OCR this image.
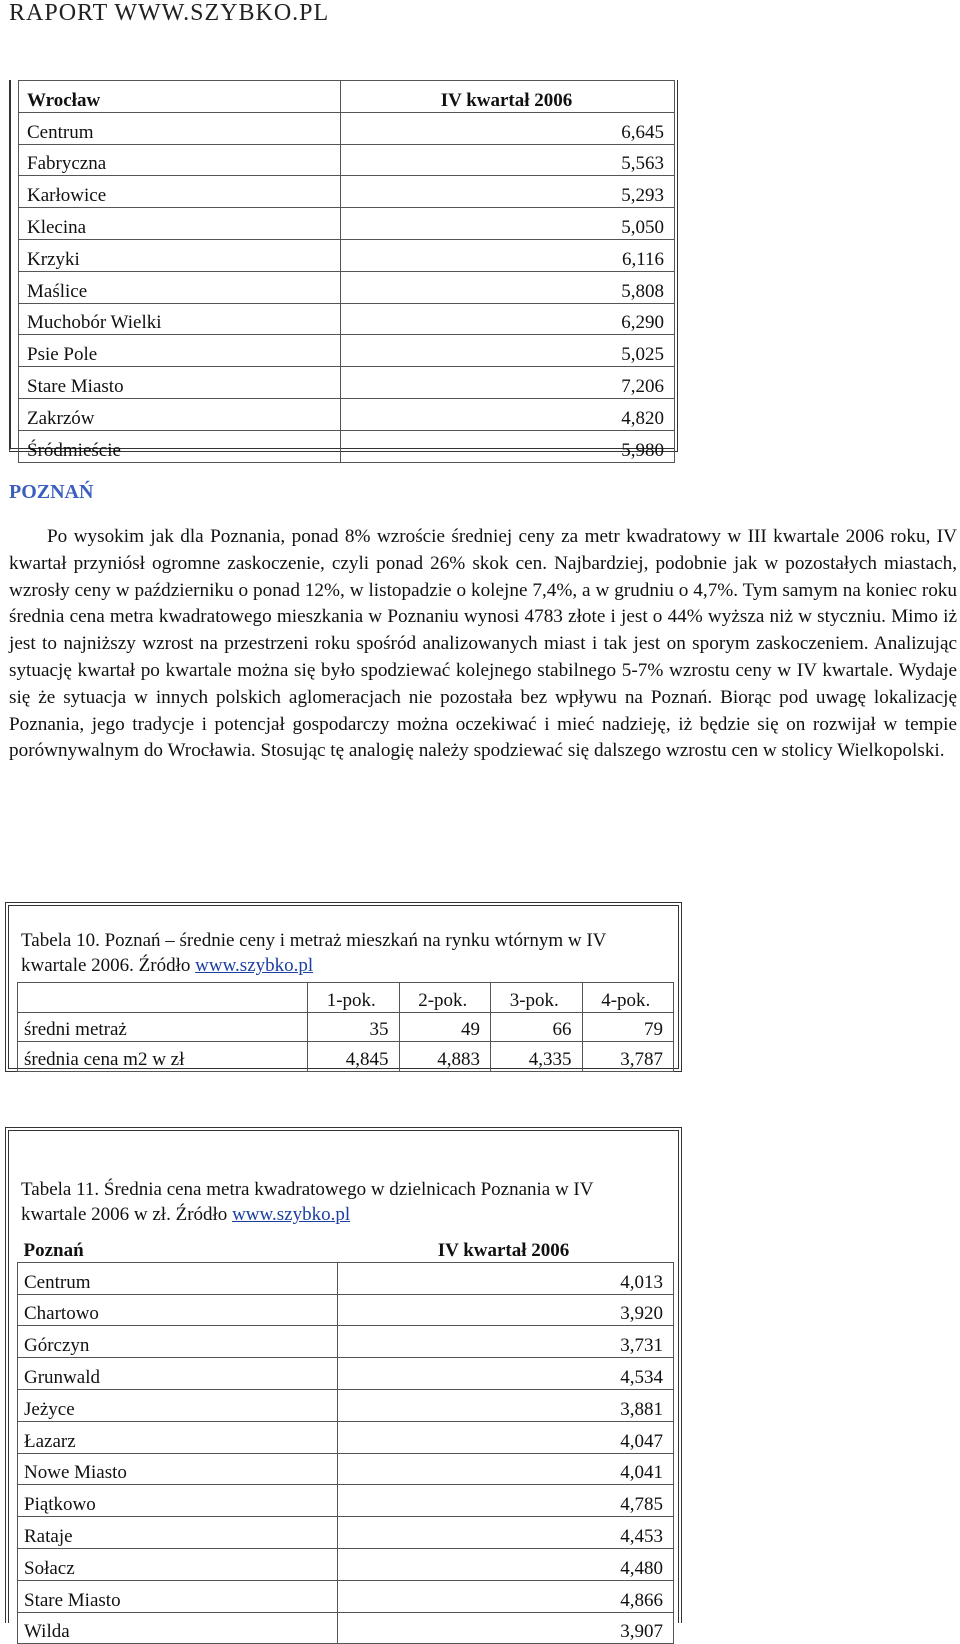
RAPORT WWW.SZYBKO.PL
Wrocław	IV kwartał 2006
Centrum	6,645
Fabryczna	5,563
Karłowice	5,293
Klecina	5,050
Krzyki	6,116
Maślice	5,808
Muchobór Wielki	6,290
Psie Pole	5,025
Stare Miasto	7,206
Zakrzów	4,820
Śródmieście	5,980
POZNAŃ
Po wysokim jak dla Poznania, ponad 8% wzroście średniej ceny za metr kwadratowy w III kwartale 2006 roku, IV kwartał przyniósł ogromne zaskoczenie, czyli ponad 26% skok cen. Najbardziej, podobnie jak w pozostałych miastach, wzrosły ceny w październiku o ponad 12%, w listopadzie o kolejne 7,4%, a w grudniu o 4,7%. Tym samym na koniec roku średnia cena metra kwadratowego mieszkania w Poznaniu wynosi 4783 złote i jest o 44% wyższa niż w styczniu. Mimo iż jest to najniższy wzrost na przestrzeni roku spośród analizowanych miast i tak jest on sporym zaskoczeniem. Analizując sytuację kwartał po kwartale można się było spodziewać kolejnego stabilnego 5-7% wzrostu ceny w IV kwartale. Wydaje się że sytuacja w innych polskich aglomeracjach nie pozostała bez wpływu na Poznań. Biorąc pod uwagę lokalizację Poznania, jego tradycje i potencjał gospodarczy można oczekiwać i mieć nadzieję, iż będzie się on rozwijał w tempie porównywalnym do Wrocławia. Stosując tę analogię należy spodziewać się dalszego wzrostu cen w stolicy Wielkopolski.
Tabela 10. Poznań – średnie ceny i metraż mieszkań na rynku wtórnym w IV kwartale 2006. Źródło www.szybko.pl
	1-pok.	2-pok.	3-pok.	4-pok.
średni metraż	35	49	66	79
średnia cena m2 w zł	4,845	4,883	4,335	3,787
Tabela 11. Średnia cena metra kwadratowego w dzielnicach Poznania w IV kwartale 2006 w zł. Źródło www.szybko.pl
Poznań	IV kwartał 2006
Centrum	4,013
Chartowo	3,920
Górczyn	3,731
Grunwald	4,534
Jeżyce	3,881
Łazarz	4,047
Nowe Miasto	4,041
Piątkowo	4,785
Rataje	4,453
Sołacz	4,480
Stare Miasto	4,866
Wilda	3,907
